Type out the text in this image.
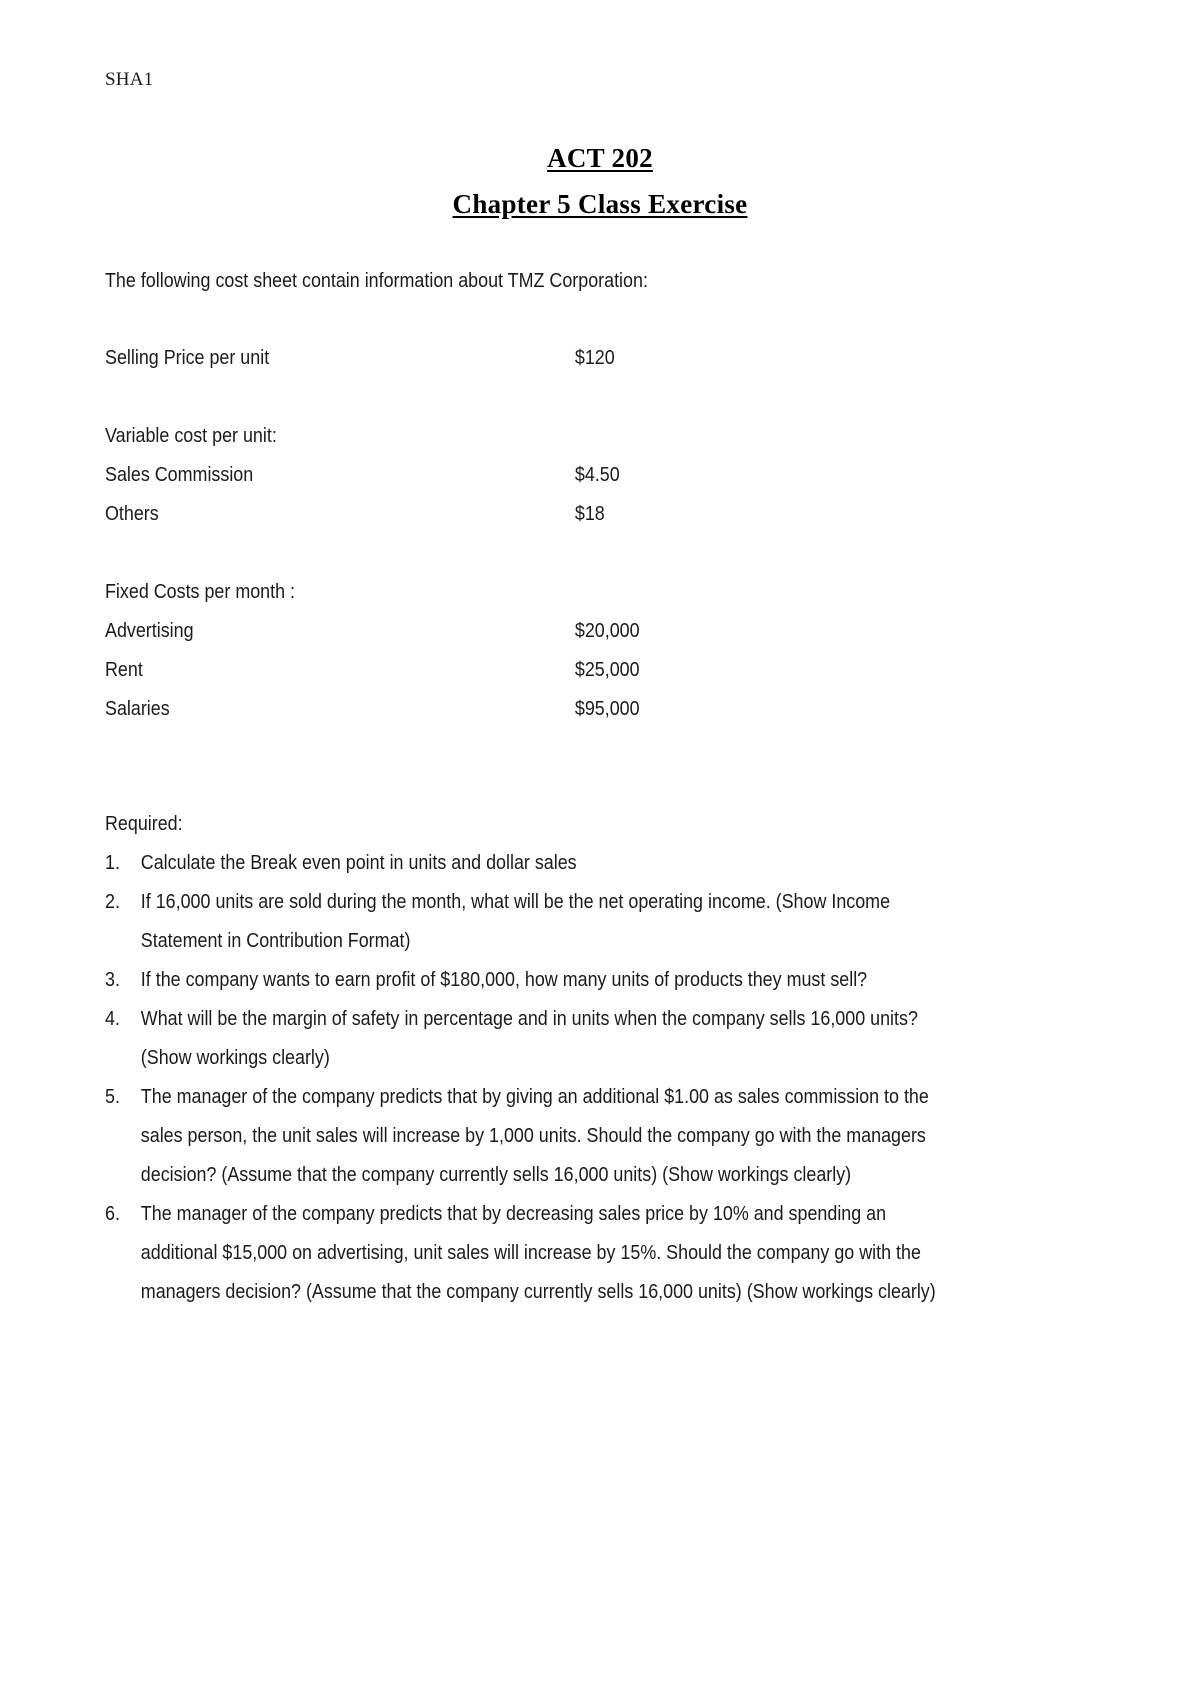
SHA1
ACT 202
Chapter 5 Class Exercise
The following cost sheet contain information about TMZ Corporation:
Selling Price per unit	$120
Variable cost per unit:
Sales Commission	$4.50
Others	$18
Fixed Costs per month :
Advertising	$20,000
Rent	$25,000
Salaries	$95,000
Required:
1.	Calculate the Break even point in units and dollar sales
2.	If 16,000 units are sold during the month, what will be the net operating income. (Show Income Statement in Contribution Format)
3.	If the company wants to earn profit of $180,000, how many units of products they must sell?
4.	What will be the margin of safety in percentage and in units when the company sells 16,000 units? (Show workings clearly)
5.	The manager of the company predicts that by giving an additional $1.00 as sales commission to the sales person, the unit sales will increase by 1,000 units. Should the company go with the managers decision? (Assume that the company currently sells 16,000 units) (Show workings clearly)
6.	The manager of the company predicts that by decreasing sales price by 10% and spending an additional $15,000 on advertising, unit sales will increase by 15%. Should the company go with the managers decision? (Assume that the company currently sells 16,000 units) (Show workings clearly)
